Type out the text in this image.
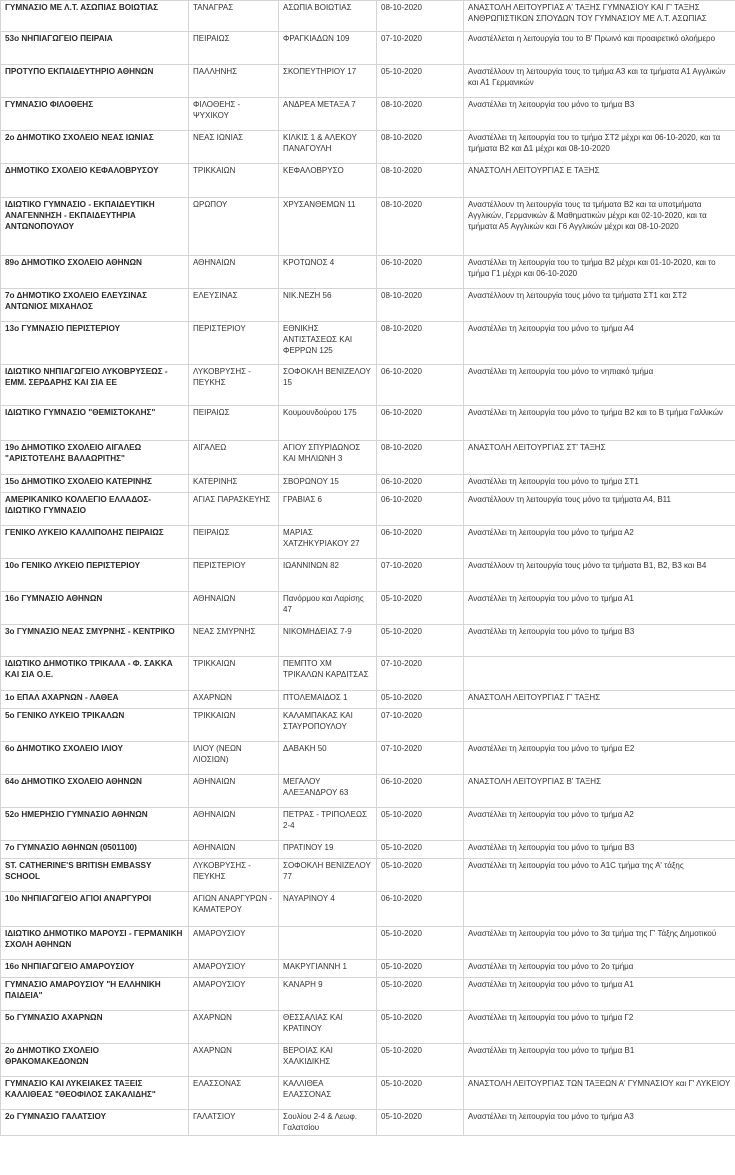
ΓΥΜΝΑΣΙΟ ΜΕ Λ.Τ. ΑΣΩΠΙΑΣ ΒΟΙΩΤΙΑΣ	ΤΑΝΑΓΡΑΣ	ΑΣΩΠΙΑ ΒΟΙΩΤΙΑΣ	08-10-2020	ΑΝΑΣΤΟΛΗ ΛΕΙΤΟΥΡΓΙΑΣ Α' ΤΑΞΗΣ ΓΥΜΝΑΣΙΟΥ ΚΑΙ Γ' ΤΑΞΗΣ ΑΝΘΡΩΠΙΣΤΙΚΩΝ ΣΠΟΥΔΩΝ ΤΟΥ ΓΥΜΝΑΣΙΟΥ ΜΕ Λ.Τ. ΑΣΩΠΙΑΣ
53ο ΝΗΠΙΑΓΩΓΕΙΟ ΠΕΙΡΑΙΑ	ΠΕΙΡΑΙΩΣ	ΦΡΑΓΚΙΑΔΩΝ 109	07-10-2020	Αναστέλλεται η λειτουργία του το Β' Πρωινό και προαιρετικό ολοήμερο
ΠΡΟΤΥΠΟ ΕΚΠΑΙΔΕΥΤΗΡΙΟ ΑΘΗΝΩΝ	ΠΑΛΛΗΝΗΣ	ΣΚΟΠΕΥΤΗΡΙΟΥ 17	05-10-2020	Αναστέλλουν τη λειτουργία τους το τμήμα Α3 και τα τμήματα Α1 Αγγλικών και Α1 Γερμανικών
ΓΥΜΝΑΣΙΟ ΦΙΛΟΘΕΗΣ	ΦΙΛΟΘΕΗΣ - ΨΥΧΙΚΟΥ	ΑΝΔΡΕΑ ΜΕΤΑΞΑ 7	08-10-2020	Αναστέλλει τη λειτουργία του μόνο το τμήμα Β3
2ο ΔΗΜΟΤΙΚΟ ΣΧΟΛΕΙΟ ΝΕΑΣ ΙΩΝΙΑΣ	ΝΕΑΣ ΙΩΝΙΑΣ	ΚΙΛΚΙΣ 1 & ΑΛΕΚΟΥ ΠΑΝΑΓΟΥΛΗ	08-10-2020	Αναστέλλει τη λειτουργία του το τμήμα ΣΤ2 μέχρι και 06-10-2020, και τα τμήματα Β2 και Δ1 μέχρι και 08-10-2020
ΔΗΜΟΤΙΚΟ ΣΧΟΛΕΙΟ ΚΕΦΑΛΟΒΡΥΣΟΥ	ΤΡΙΚΚΑΙΩΝ	ΚΕΦΑΛΟΒΡΥΣΟ	08-10-2020	ΑΝΑΣΤΟΛΗ ΛΕΙΤΟΥΡΓΙΑΣ Ε ΤΑΞΗΣ
ΙΔΙΩΤΙΚΟ ΓΥΜΝΑΣΙΟ - ΕΚΠΑΙΔΕΥΤΙΚΗ ΑΝΑΓΕΝΝΗΣΗ - ΕΚΠΑΙΔΕΥΤΗΡΙΑ ΑΝΤΩΝΟΠΟΥΛΟΥ	ΩΡΩΠΟΥ	ΧΡΥΣΑΝΘΕΜΩΝ 11	08-10-2020	Αναστέλλουν τη λειτουργία τους τα τμήματα Β2 και τα υποτμήματα Αγγλικών, Γερμανικών & Μαθηματικών μέχρι και 02-10-2020, και τα τμήματα Α5 Αγγλικών και Γ6 Αγγλικών μέχρι και 08-10-2020
89ο ΔΗΜΟΤΙΚΟ ΣΧΟΛΕΙΟ ΑΘΗΝΩΝ	ΑΘΗΝΑΙΩΝ	ΚΡΟΤΩΝΟΣ 4	06-10-2020	Αναστέλλει τη λειτουργία του το τμήμα Β2 μέχρι και 01-10-2020, και το τμήμα Γ1 μέχρι και 06-10-2020
7ο ΔΗΜΟΤΙΚΟ ΣΧΟΛΕΙΟ ΕΛΕΥΣΙΝΑΣ ΑΝΤΩΝΙΟΣ ΜΙΧΑΗΛΟΣ	ΕΛΕΥΣΙΝΑΣ	ΝΙΚ.ΝΕΖΗ 56	08-10-2020	Αναστέλλουν τη λειτουργία τους μόνο τα τμήματα ΣΤ1 και ΣΤ2
13ο ΓΥΜΝΑΣΙΟ ΠΕΡΙΣΤΕΡΙΟΥ	ΠΕΡΙΣΤΕΡΙΟΥ	ΕΘΝΙΚΗΣ ΑΝΤΙΣΤΑΣΕΩΣ ΚΑΙ ΦΕΡΡΩΝ 125	08-10-2020	Αναστέλλει τη λειτουργία του μόνο το τμήμα Α4
ΙΔΙΩΤΙΚΟ ΝΗΠΙΑΓΩΓΕΙΟ ΛΥΚΟΒΡΥΣΕΩΣ - ΕΜΜ. ΣΕΡΔΑΡΗΣ ΚΑΙ ΣΙΑ ΕΕ	ΛΥΚΟΒΡΥΣΗΣ - ΠΕΥΚΗΣ	ΣΟΦΟΚΛΗ ΒΕΝΙΖΕΛΟΥ 15	06-10-2020	Αναστέλλει τη λειτουργία του μόνο το νηπιακό τμήμα
ΙΔΙΩΤΙΚΟ ΓΥΜΝΑΣΙΟ "ΘΕΜΙΣΤΟΚΛΗΣ"	ΠΕΙΡΑΙΩΣ	Κουμουνδούρου 175	06-10-2020	Αναστέλλει τη λειτουργία του μόνο το τμήμα Β2 και το Β τμήμα Γαλλικών
19ο ΔΗΜΟΤΙΚΟ ΣΧΟΛΕΙΟ ΑΙΓΑΛΕΩ "ΑΡΙΣΤΟΤΕΛΗΣ ΒΑΛΑΩΡΙΤΗΣ"	ΑΙΓΑΛΕΩ	ΑΓΙΟΥ ΣΠΥΡΙΔΩΝΟΣ ΚΑΙ ΜΗΛΙΩΝΗ 3	08-10-2020	ΑΝΑΣΤΟΛΗ ΛΕΙΤΟΥΡΓΙΑΣ ΣΤ' ΤΑΞΗΣ
15ο ΔΗΜΟΤΙΚΟ ΣΧΟΛΕΙΟ ΚΑΤΕΡΙΝΗΣ	ΚΑΤΕΡΙΝΗΣ	ΣΒΟΡΩΝΟΥ 15	06-10-2020	Αναστέλλει τη λειτουργία του μόνο το τμήμα ΣΤ1
ΑΜΕΡΙΚΑΝΙΚΟ ΚΟΛΛΕΓΙΟ ΕΛΛΑΔΟΣ-ΙΔΙΩΤΙΚΟ ΓΥΜΝΑΣΙΟ	ΑΓΙΑΣ ΠΑΡΑΣΚΕΥΗΣ	ΓΡΑΒΙΑΣ 6	06-10-2020	Αναστέλλουν τη λειτουργία τους μόνο τα τμήματα Α4, Β11
ΓΕΝΙΚΟ ΛΥΚΕΙΟ ΚΑΛΛΙΠΟΛΗΣ ΠΕΙΡΑΙΩΣ	ΠΕΙΡΑΙΩΣ	ΜΑΡΙΑΣ ΧΑΤΖΗΚΥΡΙΑΚΟΥ 27	06-10-2020	Αναστέλλει τη λειτουργία του μόνο το τμήμα Α2
10ο ΓΕΝΙΚΟ ΛΥΚΕΙΟ ΠΕΡΙΣΤΕΡΙΟΥ	ΠΕΡΙΣΤΕΡΙΟΥ	ΙΩΑΝΝΙΝΩΝ 82	07-10-2020	Αναστέλλουν τη λειτουργία τους μόνο τα τμήματα Β1, Β2, Β3 και Β4
16ο ΓΥΜΝΑΣΙΟ ΑΘΗΝΩΝ	ΑΘΗΝΑΙΩΝ	Πανόρμου και Λαρίσης 47	05-10-2020	Αναστέλλει τη λειτουργία του μόνο το τμήμα Α1
3ο ΓΥΜΝΑΣΙΟ ΝΕΑΣ ΣΜΥΡΝΗΣ - ΚΕΝΤΡΙΚΟ	ΝΕΑΣ ΣΜΥΡΝΗΣ	ΝΙΚΟΜΗΔΕΙΑΣ 7-9	05-10-2020	Αναστέλλει τη λειτουργία του μόνο το τμήμα Β3
ΙΔΙΩΤΙΚΟ ΔΗΜΟΤΙΚΟ ΤΡΙΚΑΛΑ - Φ. ΣΑΚΚΑ ΚΑΙ ΣΙΑ Ο.Ε.	ΤΡΙΚΚΑΙΩΝ	ΠΕΜΠΤΟ ΧΜ ΤΡΙΚΑΛΩΝ ΚΑΡΔΙΤΣΑΣ	07-10-2020	
1ο ΕΠΑΛ ΑΧΑΡΝΩΝ - ΛΑΘΕΑ	ΑΧΑΡΝΩΝ	ΠΤΟΛΕΜΑΙΔΟΣ 1	05-10-2020	ΑΝΑΣΤΟΛΗ ΛΕΙΤΟΥΡΓΙΑΣ Γ' ΤΑΞΗΣ
5ο ΓΕΝΙΚΟ ΛΥΚΕΙΟ ΤΡΙΚΑΛΩΝ	ΤΡΙΚΚΑΙΩΝ	ΚΑΛΑΜΠΑΚΑΣ ΚΑΙ ΣΤΑΥΡΟΠΟΥΛΟΥ	07-10-2020	
6ο ΔΗΜΟΤΙΚΟ ΣΧΟΛΕΙΟ ΙΛΙΟΥ	ΙΛΙΟΥ (ΝΕΩΝ ΛΙΟΣΙΩΝ)	ΔΑΒΑΚΗ 50	07-10-2020	Αναστέλλει τη λειτουργία του μόνο το τμήμα Ε2
64ο ΔΗΜΟΤΙΚΟ ΣΧΟΛΕΙΟ ΑΘΗΝΩΝ	ΑΘΗΝΑΙΩΝ	ΜΕΓΑΛΟΥ ΑΛΕΞΑΝΔΡΟΥ 63	06-10-2020	ΑΝΑΣΤΟΛΗ ΛΕΙΤΟΥΡΓΙΑΣ Β' ΤΑΞΗΣ
52ο ΗΜΕΡΗΣΙΟ ΓΥΜΝΑΣΙΟ ΑΘΗΝΩΝ	ΑΘΗΝΑΙΩΝ	ΠΕΤΡΑΣ - ΤΡΙΠΟΛΕΩΣ 2-4	05-10-2020	Αναστέλλει τη λειτουργία του μόνο το τμήμα Α2
7ο ΓΥΜΝΑΣΙΟ ΑΘΗΝΩΝ (0501100)	ΑΘΗΝΑΙΩΝ	ΠΡΑΤΙΝΟΥ 19	05-10-2020	Αναστέλλει τη λειτουργία του μόνο το τμήμα Β3
ST. CATHERINE'S BRITISH EMBASSY SCHOOL	ΛΥΚΟΒΡΥΣΗΣ - ΠΕΥΚΗΣ	ΣΟΦΟΚΛΗ ΒΕΝΙΖΕΛΟΥ 77	05-10-2020	Αναστέλλει τη λειτουργία του μόνο το Α1C τμήμα της Α' τάξης
10ο ΝΗΠΙΑΓΩΓΕΙΟ ΑΓΙΟΙ ΑΝΑΡΓΥΡΟΙ	ΑΓΙΩΝ ΑΝΑΡΓΥΡΩΝ - ΚΑΜΑΤΕΡΟΥ	ΝΑΥΑΡΙΝΟΥ 4	06-10-2020	
ΙΔΙΩΤΙΚΟ ΔΗΜΟΤΙΚΟ ΜΑΡΟΥΣΙ - ΓΕΡΜΑΝΙΚΗ ΣΧΟΛΗ ΑΘΗΝΩΝ	ΑΜΑΡΟΥΣΙΟΥ		05-10-2020	Αναστέλλει τη λειτουργία του μόνο το 3α τμήμα της Γ' Τάξης Δημοτικού
16ο ΝΗΠΙΑΓΩΓΕΙΟ ΑΜΑΡΟΥΣΙΟΥ	ΑΜΑΡΟΥΣΙΟΥ	ΜΑΚΡΥΓΙΑΝΝΗ 1	05-10-2020	Αναστέλλει τη λειτουργία του μόνο το 2ο τμήμα
ΓΥΜΝΑΣΙΟ ΑΜΑΡΟΥΣΙΟΥ "Η ΕΛΛΗΝΙΚΗ ΠΑΙΔΕΙΑ"	ΑΜΑΡΟΥΣΙΟΥ	ΚΑΝΑΡΗ 9	05-10-2020	Αναστέλλει τη λειτουργία του μόνο το τμήμα Α1
5ο ΓΥΜΝΑΣΙΟ ΑΧΑΡΝΩΝ	ΑΧΑΡΝΩΝ	ΘΕΣΣΑΛΙΑΣ ΚΑΙ ΚΡΑΤΙΝΟΥ	05-10-2020	Αναστέλλει τη λειτουργία του μόνο το τμήμα Γ2
2ο ΔΗΜΟΤΙΚΟ ΣΧΟΛΕΙΟ ΘΡΑΚΟΜΑΚΕΔΟΝΩΝ	ΑΧΑΡΝΩΝ	ΒΕΡΟΙΑΣ ΚΑΙ ΧΑΛΚΙΔΙΚΗΣ	05-10-2020	Αναστέλλει τη λειτουργία του μόνο το τμήμα Β1
ΓΥΜΝΑΣΙΟ ΚΑΙ ΛΥΚΕΙΑΚΕΣ ΤΑΞΕΙΣ ΚΑΛΛΙΘΕΑΣ "ΘΕΟΦΙΛΟΣ ΣΑΚΑΛΙΔΗΣ"	ΕΛΑΣΣΟΝΑΣ	ΚΑΛΛΙΘΕΑ ΕΛΑΣΣΟΝΑΣ	05-10-2020	ΑΝΑΣΤΟΛΗ ΛΕΙΤΟΥΡΓΙΑΣ ΤΩΝ ΤΑΞΕΩΝ Α' ΓΥΜΝΑΣΙΟΥ και Γ' ΛΥΚΕΙΟΥ
2ο ΓΥΜΝΑΣΙΟ ΓΑΛΑΤΣΙΟΥ	ΓΑΛΑΤΣΙΟΥ	Σουλίου 2-4 & Λεωφ. Γαλατσίου	05-10-2020	Αναστέλλει τη λειτουργία του μόνο το τμήμα Α3
